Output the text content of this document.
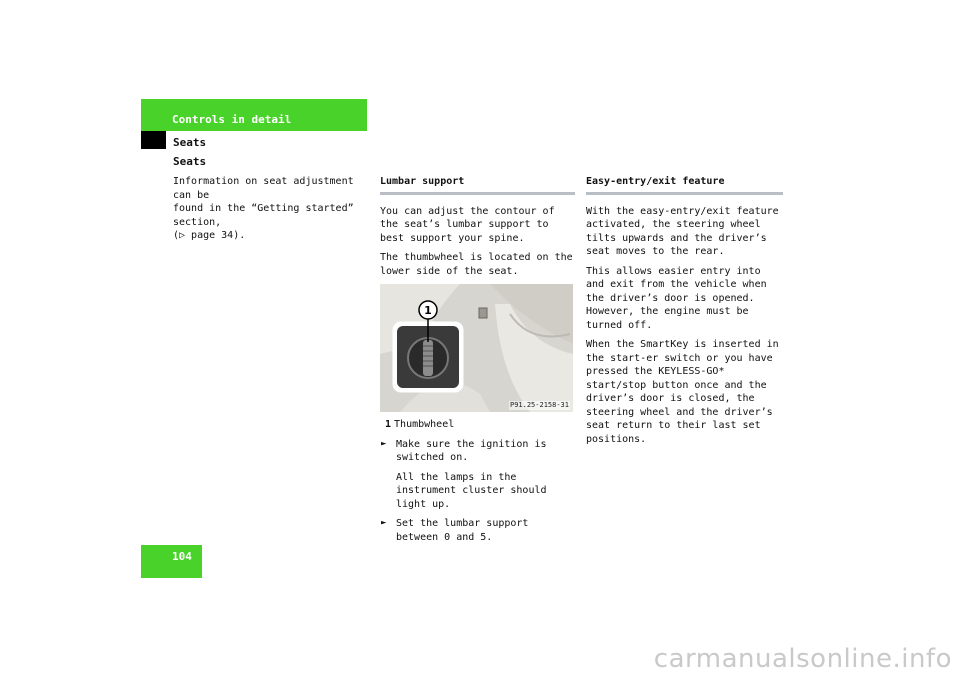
Controls in detail
Seats
Seats
Information on seat adjustment can be
found in the “Getting started” section,
(▷ page 34).
Lumbar support

You can adjust the contour of the seat’s lumbar support to best support your spine.

The thumbwheel is located on the lower side of the seat.

1
P91.25-2158-31
1 Thumbwheel
► Make sure the ignition is switched on.
All the lamps in the instrument cluster should light up.
► Set the lumbar support between 0 and 5.
Easy-entry/exit feature

With the easy-entry/exit feature activated, the steering wheel tilts upwards and the driver’s seat moves to the rear.

This allows easier entry into and exit from the vehicle when the driver’s door is opened. However, the engine must be turned off.

When the SmartKey is inserted in the start-er switch or you have pressed the KEYLESS-GO* start/stop button once and the driver’s door is closed, the steering wheel and the driver’s seat return to their last set positions.

104
carmanualsonline.info
